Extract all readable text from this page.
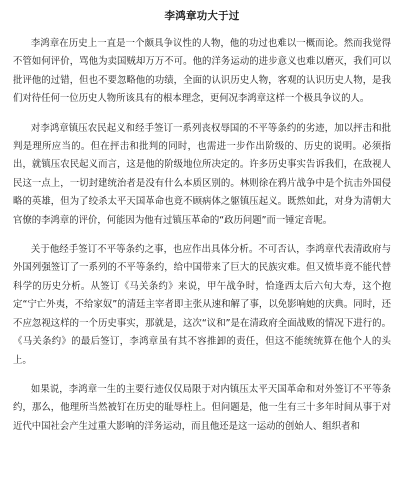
李鸿章功大于过

李鸿章在历史上一直是一个颇具争议性的人物，他的功过也难以一概而论。然而我觉得不管如何评价，骂他为卖国贼却万万不可。他的洋务运动的进步意义也难以磨灭，我们可以批评他的过错，但也不要忽略他的功绩，全面的认识历史人物，客观的认识历史人物，是我们对待任何一位历史人物所该具有的根本理念，更何况李鸿章这样一个极具争议的人。

对李鸿章镇压农民起义和经手签订一系列丧权辱国的不平等条约的劣迹，加以抨击和批判是理所应当的。但在抨击和批判的同时，也需进一步作出阶级的、历史的说明。必须指出，就镇压农民起义而言，这是他的阶级地位所决定的。许多历史事实告诉我们，在敌视人民这一点上，一切封建统治者是没有什么本质区别的。林则徐在鸦片战争中是个抗击外国侵略的英雄，但为了绞杀太平天国革命也竟不顾病体之躯镇压起义。既然如此，对身为清朝大官僚的李鸿章的评价，何能因为他有过镇压革命的“政历问题”而一锤定音呢。

关于他经手签订不平等条约之事，也应作出具体分析。不可否认，李鸿章代表清政府与外国列强签订了一系列的不平等条约，给中国带来了巨大的民族灾难。但又愤毕竟不能代替科学的历史分析。从签订《马关条约》来说，甲午战争时，恰逢西太后六旬大寿，这个抱定“宁亡外夷，不给家奴”的清廷主宰者即主张从速和解了事，以免影响她的庆典。同时，还不应忽视这样的一个历史事实，那就是，这次“议和”是在清政府全面战败的情况下进行的。《马关条约》的最后签订，李鸿章虽有其不容推卸的责任，但这不能统统算在他个人的头上。

如果说，李鸿章一生的主要行迹仅仅局限于对内镇压太平天国革命和对外签订不平等条约，那么，他理所当然被钉在历史的耻辱柱上。但问题是，他一生有三十多年时间从事于对近代中国社会产生过重大影响的洋务运动，而且他还是这一运动的创始人、组织者和
